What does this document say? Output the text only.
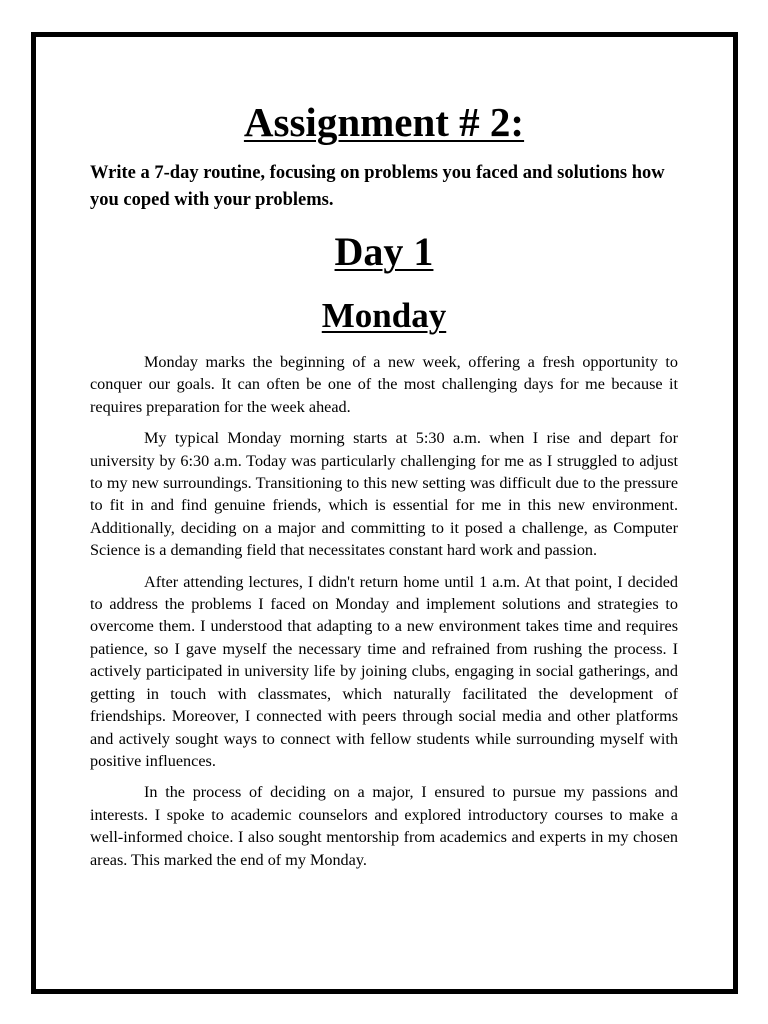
Assignment # 2:

Write a 7-day routine, focusing on problems you faced and solutions how you coped with your problems.

Day 1
Monday

Monday marks the beginning of a new week, offering a fresh opportunity to conquer our goals. It can often be one of the most challenging days for me because it requires preparation for the week ahead.

My typical Monday morning starts at 5:30 a.m. when I rise and depart for university by 6:30 a.m. Today was particularly challenging for me as I struggled to adjust to my new surroundings. Transitioning to this new setting was difficult due to the pressure to fit in and find genuine friends, which is essential for me in this new environment. Additionally, deciding on a major and committing to it posed a challenge, as Computer Science is a demanding field that necessitates constant hard work and passion.

After attending lectures, I didn't return home until 1 a.m. At that point, I decided to address the problems I faced on Monday and implement solutions and strategies to overcome them. I understood that adapting to a new environment takes time and requires patience, so I gave myself the necessary time and refrained from rushing the process. I actively participated in university life by joining clubs, engaging in social gatherings, and getting in touch with classmates, which naturally facilitated the development of friendships. Moreover, I connected with peers through social media and other platforms and actively sought ways to connect with fellow students while surrounding myself with positive influences.

In the process of deciding on a major, I ensured to pursue my passions and interests. I spoke to academic counselors and explored introductory courses to make a well-informed choice. I also sought mentorship from academics and experts in my chosen areas. This marked the end of my Monday.
